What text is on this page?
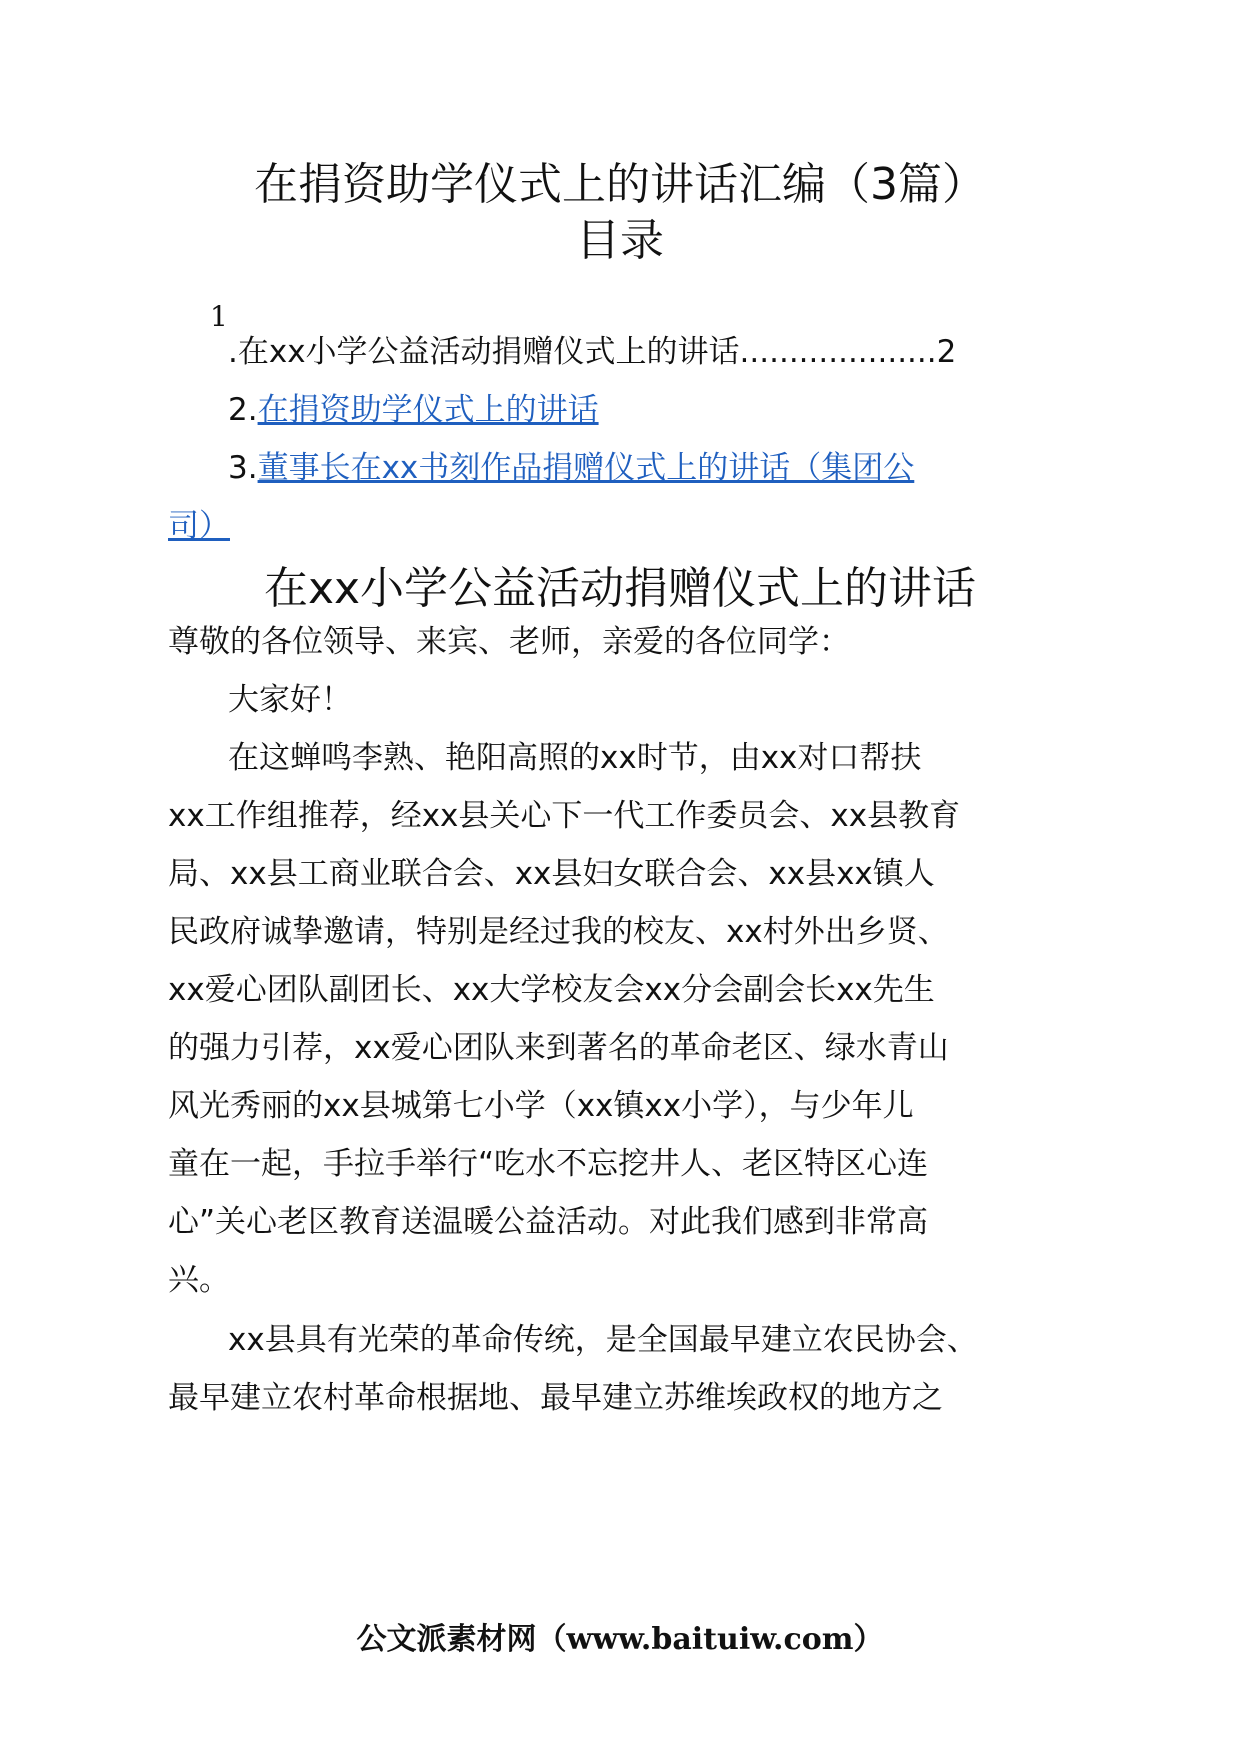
在捐资助学仪式上的讲话汇编（3篇）
目录
1
.在xx小学公益活动捐赠仪式上的讲话....................2
2.在捐资助学仪式上的讲话
3.董事长在xx书刻作品捐赠仪式上的讲话（集团公
司）
在xx小学公益活动捐赠仪式上的讲话
尊敬的各位领导、来宾、老师，亲爱的各位同学：
大家好！
在这蝉鸣李熟、艳阳高照的xx时节，由xx对口帮扶
xx工作组推荐，经xx县关心下一代工作委员会、xx县教育
局、xx县工商业联合会、xx县妇女联合会、xx县xx镇人
民政府诚挚邀请，特别是经过我的校友、xx村外出乡贤、
xx爱心团队副团长、xx大学校友会xx分会副会长xx先生
的强力引荐，xx爱心团队来到著名的革命老区、绿水青山
风光秀丽的xx县城第七小学（xx镇xx小学），与少年儿
童在一起，手拉手举行“吃水不忘挖井人、老区特区心连
心”关心老区教育送温暖公益活动。对此我们感到非常高
兴。
xx县具有光荣的革命传统，是全国最早建立农民协会、
最早建立农村革命根据地、最早建立苏维埃政权的地方之
公文派素材网（www.baituiw.com）
